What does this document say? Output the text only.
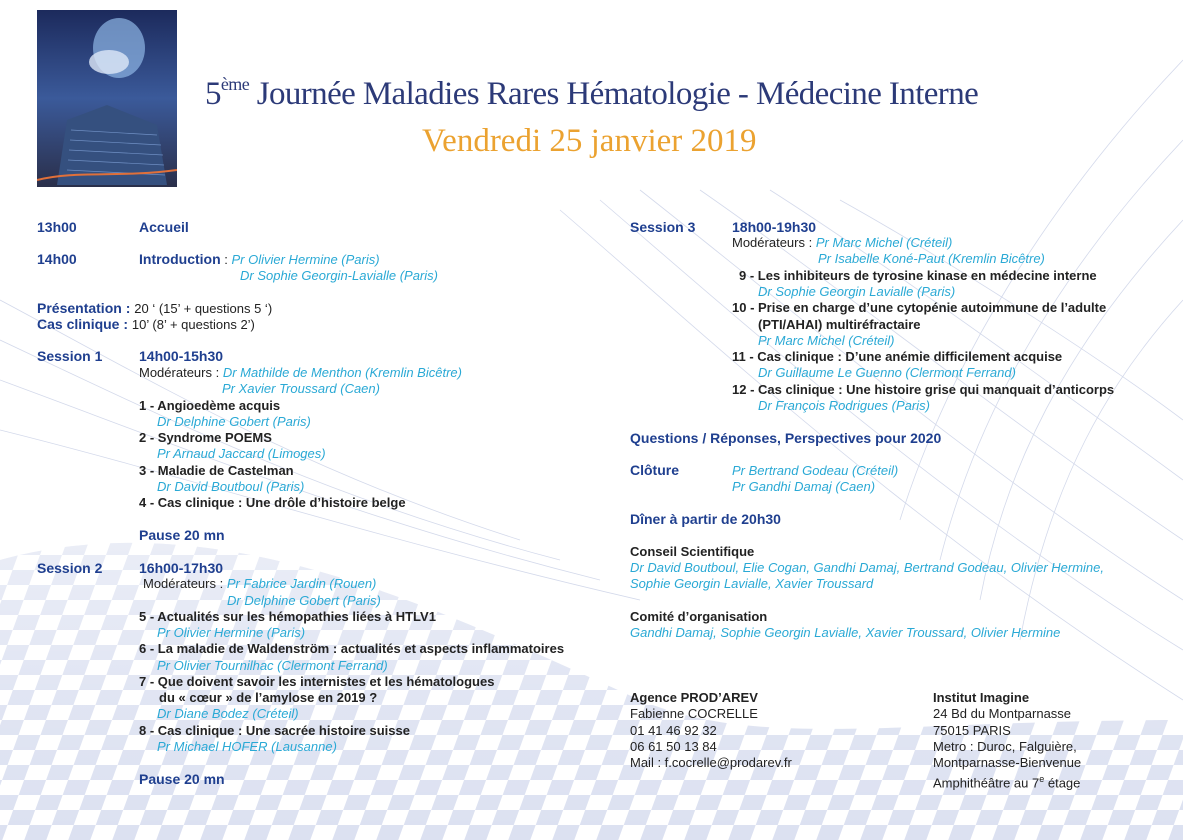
5ème Journée Maladies Rares Hématologie - Médecine Interne
Vendredi 25 janvier 2019
13h00	Accueil
14h00	Introduction : Pr Olivier Hermine (Paris)
Dr Sophie Georgin-Lavialle (Paris)
Présentation : 20 ‘ (15’ + questions 5 ‘)
Cas clinique : 10’ (8’ + questions 2’)
Session 1	14h00-15h30
Modérateurs : Dr Mathilde de Menthon (Kremlin Bicêtre)
Pr Xavier Troussard (Caen)
1 - Angioedème acquis
Dr Delphine Gobert (Paris)
2 - Syndrome POEMS
Pr Arnaud Jaccard (Limoges)
3 - Maladie de Castelman
Dr David Boutboul (Paris)
4 - Cas clinique : Une drôle d’histoire belge
Pause 20 mn
Session 2	16h00-17h30
Modérateurs : Pr Fabrice Jardin (Rouen)
Dr Delphine Gobert (Paris)
5 - Actualités sur les hémopathies liées à HTLV1
Pr Olivier Hermine (Paris)
6 - La maladie de Waldenström : actualités et aspects inflammatoires
Pr Olivier Tournilhac (Clermont Ferrand)
7 - Que doivent savoir les internistes et les hématologues
du « cœur » de l’amylose en 2019 ?
Dr Diane Bodez (Créteil)
8 - Cas clinique : Une sacrée histoire suisse
Pr Michael HOFER (Lausanne)
Pause 20 mn
Session 3	18h00-19h30
Modérateurs : Pr Marc Michel (Créteil)
Pr Isabelle Koné-Paut (Kremlin Bicêtre)
9 - Les inhibiteurs de tyrosine kinase en médecine interne
Dr Sophie Georgin Lavialle (Paris)
10 - Prise en charge d’une cytopénie autoimmune de l’adulte
(PTI/AHAI) multiréfractaire
Pr Marc Michel (Créteil)
11 - Cas clinique : D’une anémie difficilement acquise
Dr Guillaume Le Guenno (Clermont Ferrand)
12 - Cas clinique : Une histoire grise qui manquait d’anticorps
Dr François Rodrigues (Paris)
Questions / Réponses, Perspectives pour 2020
Clôture	Pr Bertrand Godeau (Créteil)
Pr Gandhi Damaj (Caen)
Dîner à partir de 20h30
Conseil Scientifique
Dr David Boutboul, Elie Cogan, Gandhi Damaj, Bertrand Godeau, Olivier Hermine,
Sophie Georgin Lavialle, Xavier Troussard
Comité d’organisation
Gandhi Damaj, Sophie Georgin Lavialle, Xavier Troussard, Olivier Hermine
Agence PROD’AREV
Fabienne COCRELLE
01 41 46 92 32
06 61 50 13 84
Mail : f.cocrelle@prodarev.fr
Institut Imagine
24 Bd du Montparnasse
75015 PARIS
Metro : Duroc, Falguière,
Montparnasse-Bienvenue
Amphithéâtre au 7e étage
